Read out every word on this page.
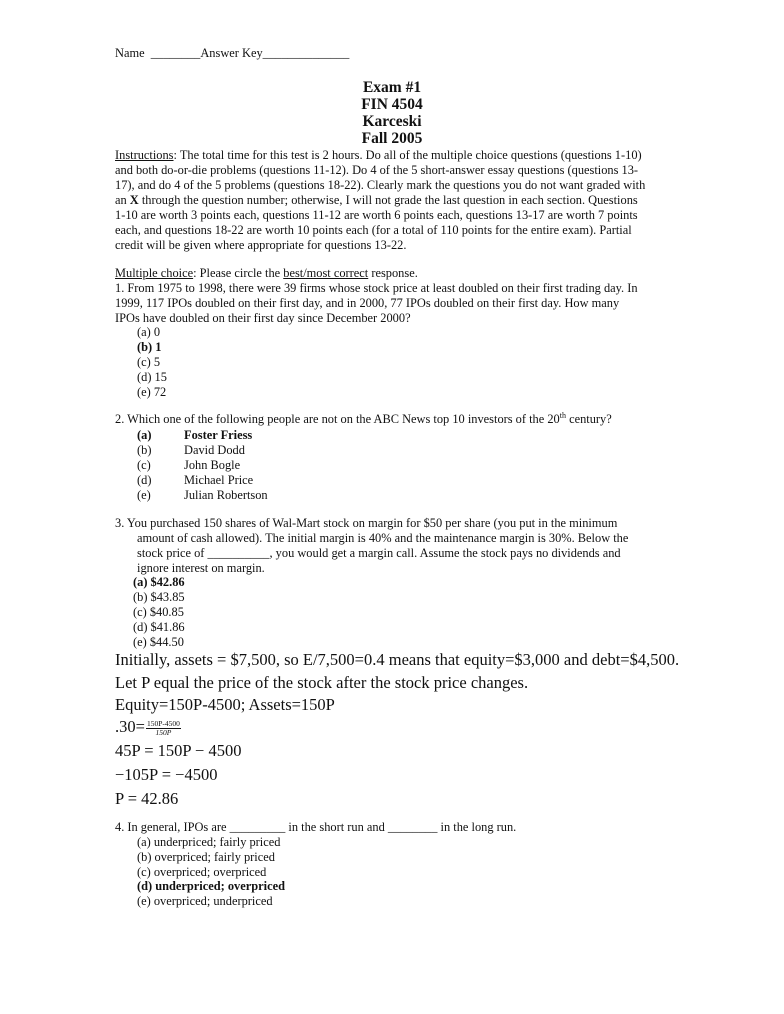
Name ________Answer Key______________
Exam #1
FIN 4504
Karceski
Fall 2005
Instructions: The total time for this test is 2 hours. Do all of the multiple choice questions (questions 1-10)
and both do-or-die problems (questions 11-12). Do 4 of the 5 short-answer essay questions (questions 13-
17), and do 4 of the 5 problems (questions 18-22). Clearly mark the questions you do not want graded with
an X through the question number; otherwise, I will not grade the last question in each section. Questions
1-10 are worth 3 points each, questions 11-12 are worth 6 points each, questions 13-17 are worth 7 points
each, and questions 18-22 are worth 10 points each (for a total of 110 points for the entire exam). Partial
credit will be given where appropriate for questions 13-22.
Multiple choice: Please circle the best/most correct response.
1. From 1975 to 1998, there were 39 firms whose stock price at least doubled on their first trading day. In
1999, 117 IPOs doubled on their first day, and in 2000, 77 IPOs doubled on their first day. How many
IPOs have doubled on their first day since December 2000?
(a) 0
(b) 1
(c) 5
(d) 15
(e) 72
2. Which one of the following people are not on the ABC News top 10 investors of the 20th century?
(a)	Foster Friess
(b)	David Dodd
(c)	John Bogle
(d)	Michael Price
(e)	Julian Robertson
3. You purchased 150 shares of Wal-Mart stock on margin for $50 per share (you put in the minimum
amount of cash allowed). The initial margin is 40% and the maintenance margin is 30%. Below the
stock price of __________, you would get a margin call. Assume the stock pays no dividends and
ignore interest on margin.
(a) $42.86
(b) $43.85
(c) $40.85
(d) $41.86
(e) $44.50
Initially, assets = $7,500, so E/7,500=0.4 means that equity=$3,000 and debt=$4,500.
Let P equal the price of the stock after the stock price changes.
Equity=150P-4500; Assets=150P
$.30= \frac{150P-4500}{150P}$
45P = 150P − 4500
−105P = −4500
P = 42.86
4. In general, IPOs are _________ in the short run and ________ in the long run.
(a) underpriced; fairly priced
(b) overpriced; fairly priced
(c) overpriced; overpriced
(d) underpriced; overpriced
(e) overpriced; underpriced
